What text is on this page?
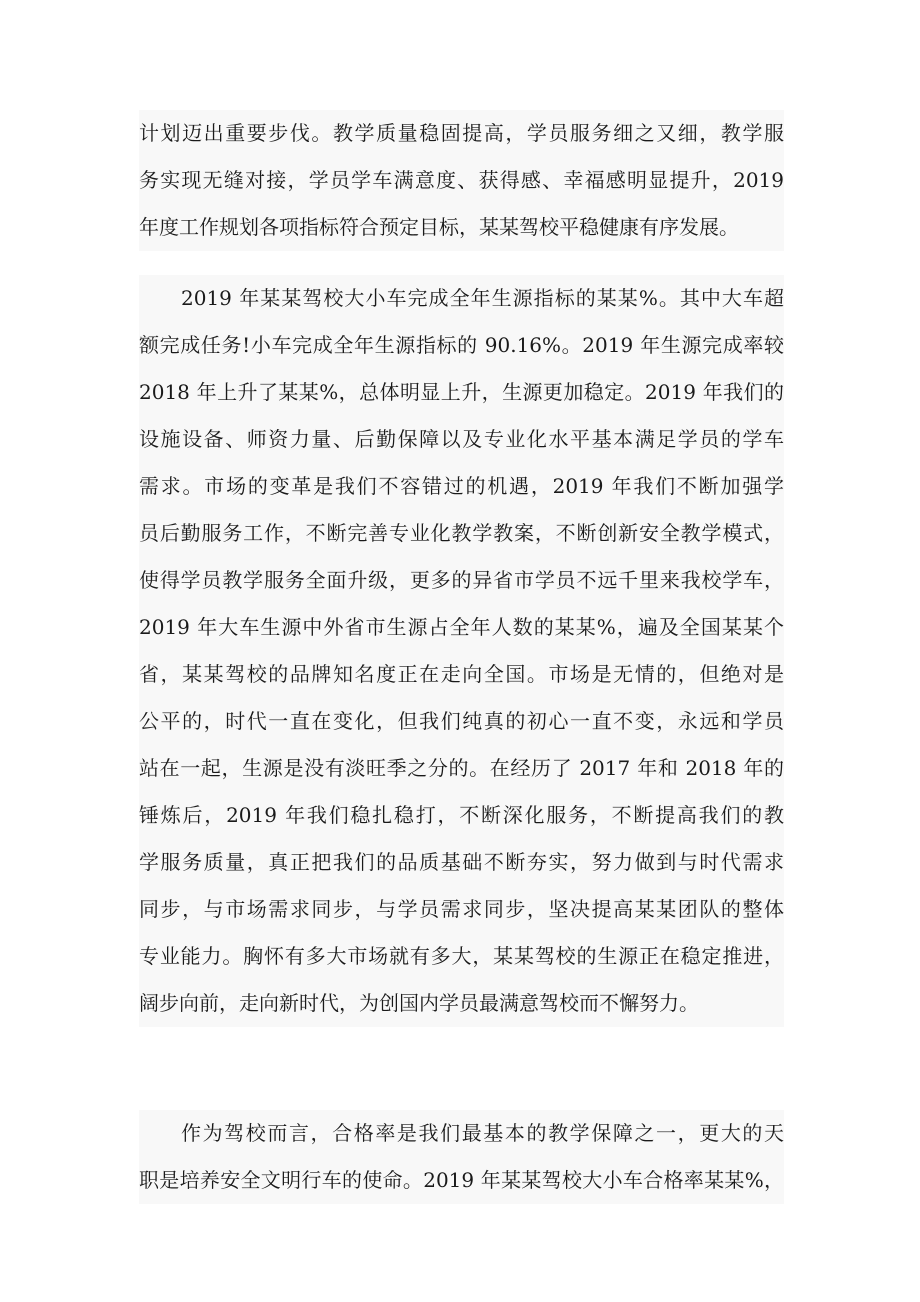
计划迈出重要步伐。教学质量稳固提高，学员服务细之又细，教学服
务实现无缝对接，学员学车满意度、获得感、幸福感明显提升，2019
年度工作规划各项指标符合预定目标，某某驾校平稳健康有序发展。
2019 年某某驾校大小车完成全年生源指标的某某%。其中大车超
额完成任务!小车完成全年生源指标的 90.16%。2019 年生源完成率较
2018 年上升了某某%，总体明显上升，生源更加稳定。2019 年我们的
设施设备、师资力量、后勤保障以及专业化水平基本满足学员的学车
需求。市场的变革是我们不容错过的机遇，2019 年我们不断加强学
员后勤服务工作，不断完善专业化教学教案，不断创新安全教学模式，
使得学员教学服务全面升级，更多的异省市学员不远千里来我校学车，
2019 年大车生源中外省市生源占全年人数的某某%，遍及全国某某个
省，某某驾校的品牌知名度正在走向全国。市场是无情的，但绝对是
公平的，时代一直在变化，但我们纯真的初心一直不变，永远和学员
站在一起，生源是没有淡旺季之分的。在经历了 2017 年和 2018 年的
锤炼后，2019 年我们稳扎稳打，不断深化服务，不断提高我们的教
学服务质量，真正把我们的品质基础不断夯实，努力做到与时代需求
同步，与市场需求同步，与学员需求同步，坚决提高某某团队的整体
专业能力。胸怀有多大市场就有多大，某某驾校的生源正在稳定推进，
阔步向前，走向新时代，为创国内学员最满意驾校而不懈努力。
作为驾校而言，合格率是我们最基本的教学保障之一，更大的天
职是培养安全文明行车的使命。2019 年某某驾校大小车合格率某某%，
